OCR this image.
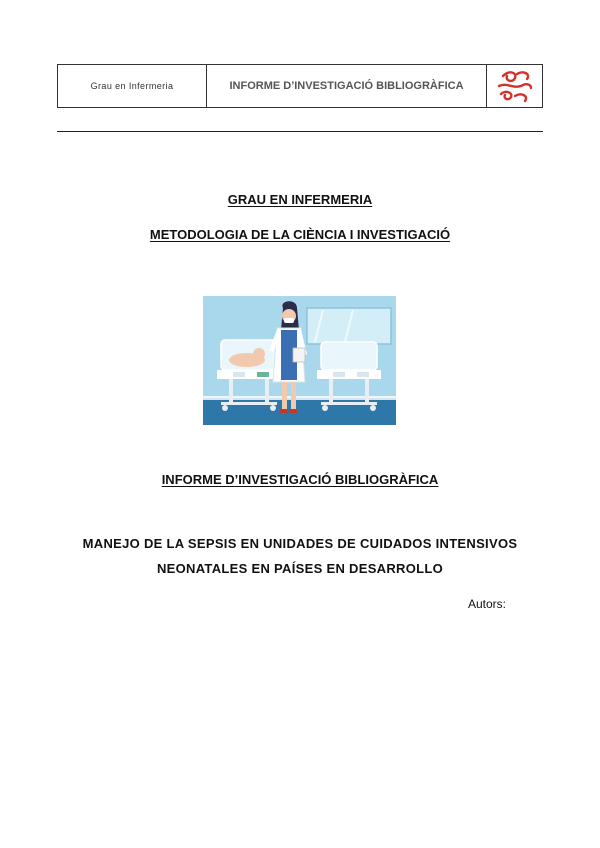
Grau en Infermeria	INFORME D’INVESTIGACIÓ BIBLIOGRÀFICA
GRAU EN INFERMERIA
METODOLOGIA DE LA CIÈNCIA I INVESTIGACIÓ
INFORME D’INVESTIGACIÓ BIBLIOGRÀFICA
MANEJO DE LA SEPSIS EN UNIDADES DE CUIDADOS INTENSIVOS
NEONATALES EN PAÍSES EN DESARROLLO
Autors:
